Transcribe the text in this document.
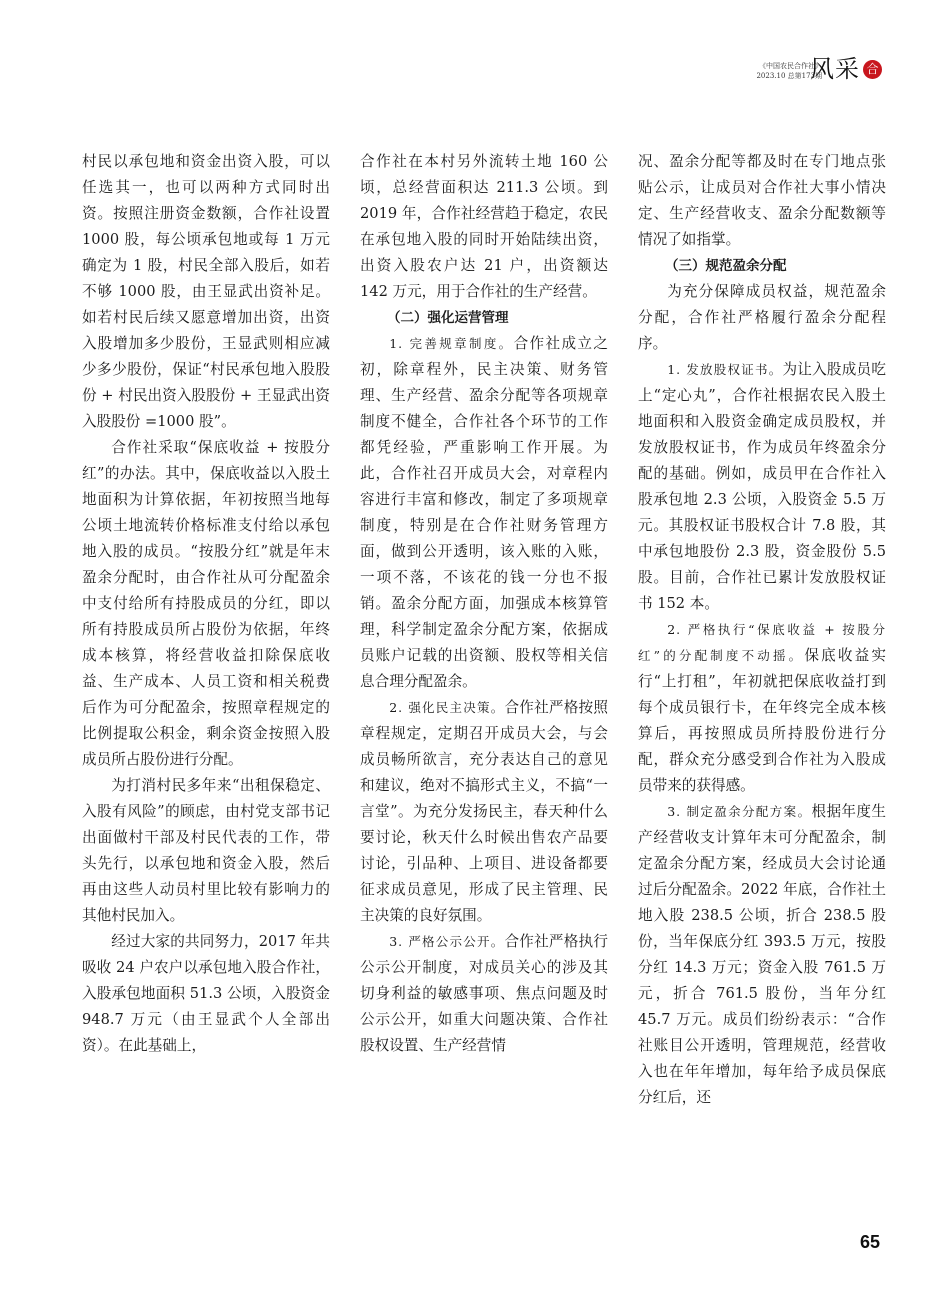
《中国农民合作社》
2023.10 总第173期
风采 合

村民以承包地和资金出资入股，可以任选其一，也可以两种方式同时出资。按照注册资金数额，合作社设置 1000 股，每公顷承包地或每 1 万元确定为 1 股，村民全部入股后，如若不够 1000 股，由王显武出资补足。如若村民后续又愿意增加出资，出资入股增加多少股份，王显武则相应减少多少股份，保证“村民承包地入股股份 + 村民出资入股股份 + 王显武出资入股股份 =1000 股”。

合作社采取“保底收益 + 按股分红”的办法。其中，保底收益以入股土地面积为计算依据，年初按照当地每公顷土地流转价格标准支付给以承包地入股的成员。“按股分红”就是年末盈余分配时，由合作社从可分配盈余中支付给所有持股成员的分红，即以所有持股成员所占股份为依据，年终成本核算，将经营收益扣除保底收益、生产成本、人员工资和相关税费后作为可分配盈余，按照章程规定的比例提取公积金，剩余资金按照入股成员所占股份进行分配。

为打消村民多年来“出租保稳定、入股有风险”的顾虑，由村党支部书记出面做村干部及村民代表的工作，带头先行，以承包地和资金入股，然后再由这些人动员村里比较有影响力的其他村民加入。

经过大家的共同努力，2017 年共吸收 24 户农户以承包地入股合作社，入股承包地面积 51.3 公顷，入股资金 948.7 万元（由王显武个人全部出资）。在此基础上，

合作社在本村另外流转土地 160 公顷，总经营面积达 211.3 公顷。到 2019 年，合作社经营趋于稳定，农民在承包地入股的同时开始陆续出资，出资入股农户达 21 户，出资额达 142 万元，用于合作社的生产经营。

（二）强化运营管理

1. 完善规章制度。合作社成立之初，除章程外，民主决策、财务管理、生产经营、盈余分配等各项规章制度不健全，合作社各个环节的工作都凭经验，严重影响工作开展。为此，合作社召开成员大会，对章程内容进行丰富和修改，制定了多项规章制度，特别是在合作社财务管理方面，做到公开透明，该入账的入账，一项不落，不该花的钱一分也不报销。盈余分配方面，加强成本核算管理，科学制定盈余分配方案，依据成员账户记载的出资额、股权等相关信息合理分配盈余。

2. 强化民主决策。合作社严格按照章程规定，定期召开成员大会，与会成员畅所欲言，充分表达自己的意见和建议，绝对不搞形式主义，不搞“一言堂”。为充分发扬民主，春天种什么要讨论，秋天什么时候出售农产品要讨论，引品种、上项目、进设备都要征求成员意见，形成了民主管理、民主决策的良好氛围。

3. 严格公示公开。合作社严格执行公示公开制度，对成员关心的涉及其切身利益的敏感事项、焦点问题及时公示公开，如重大问题决策、合作社股权设置、生产经营情

况、盈余分配等都及时在专门地点张贴公示，让成员对合作社大事小情决定、生产经营收支、盈余分配数额等情况了如指掌。

（三）规范盈余分配

为充分保障成员权益，规范盈余分配，合作社严格履行盈余分配程序。

1. 发放股权证书。为让入股成员吃上“定心丸”，合作社根据农民入股土地面积和入股资金确定成员股权，并发放股权证书，作为成员年终盈余分配的基础。例如，成员甲在合作社入股承包地 2.3 公顷，入股资金 5.5 万元。其股权证书股权合计 7.8 股，其中承包地股份 2.3 股，资金股份 5.5 股。目前，合作社已累计发放股权证书 152 本。

2. 严格执行“保底收益 + 按股分红”的分配制度不动摇。保底收益实行“上打租”，年初就把保底收益打到每个成员银行卡，在年终完全成本核算后，再按照成员所持股份进行分配，群众充分感受到合作社为入股成员带来的获得感。

3. 制定盈余分配方案。根据年度生产经营收支计算年末可分配盈余，制定盈余分配方案，经成员大会讨论通过后分配盈余。2022 年底，合作社土地入股 238.5 公顷，折合 238.5 股份，当年保底分红 393.5 万元，按股分红 14.3 万元；资金入股 761.5 万元，折合 761.5 股份，当年分红 45.7 万元。成员们纷纷表示：“合作社账目公开透明，管理规范，经营收入也在年年增加，每年给予成员保底分红后，还

65
